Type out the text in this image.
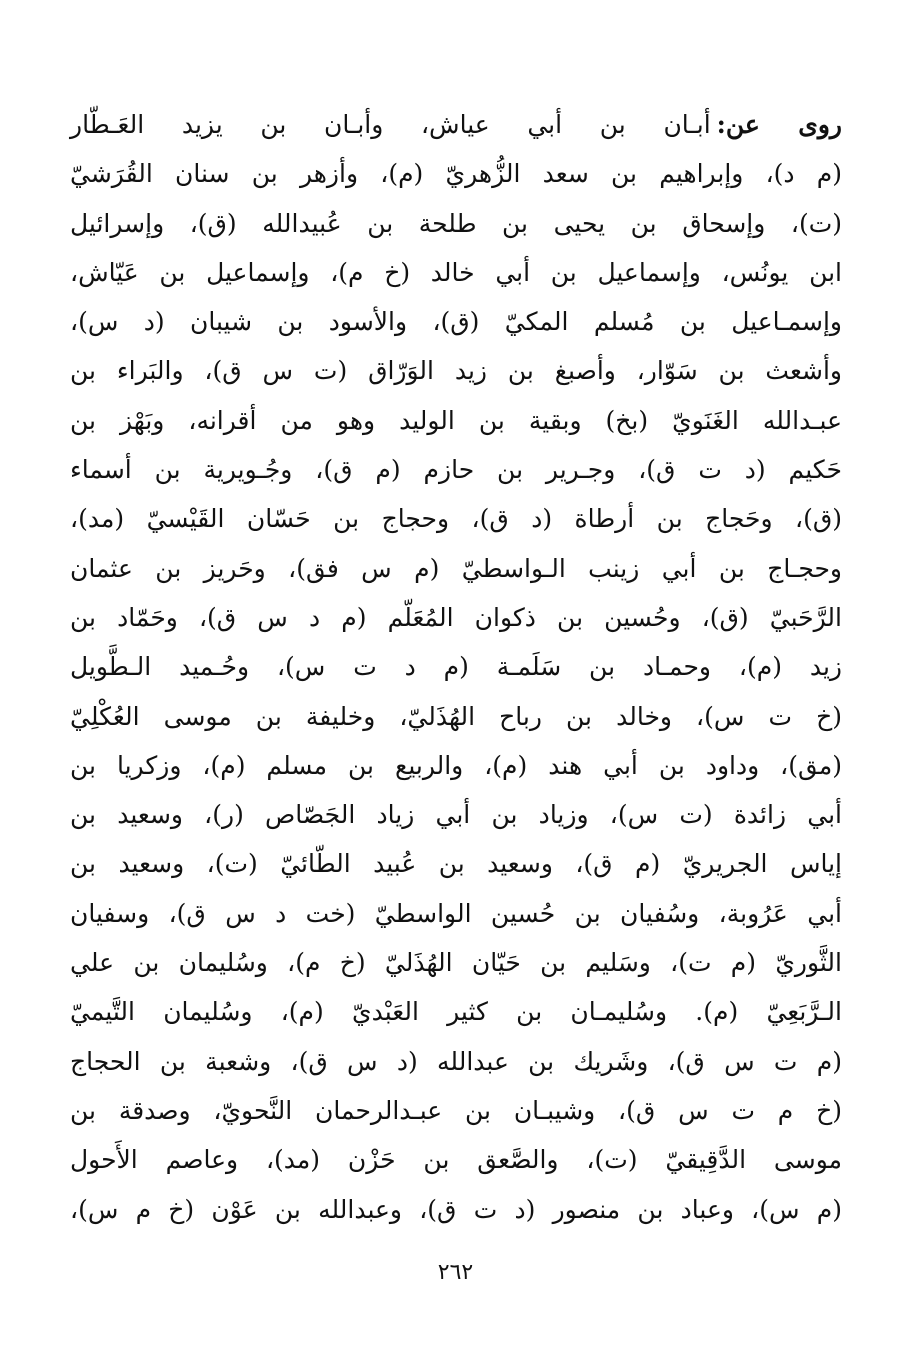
روى عن:أبـان بن أبي عياش، وأبـان بن يزيد العَـطّار
(م د)، وإبراهيم بن سعد الزُّهريّ (م)، وأزهر بن سنان القُرَشيّ
(ت)، وإسحاق بن يحيى بن طلحة بن عُبيدالله (ق)، وإسرائيل
ابن يونُس، وإسماعيل بن أبي خالد (خ م)، وإسماعيل بن عَيّاش،
وإسمـاعيل بن مُسلم المكيّ (ق)، والأسود بن شيبان (د س)،
وأشعث بن سَوّار، وأصبغ بن زيد الوَرّاق (ت س ق)، والبَراء بن
عبـدالله الغَنَويّ (بخ) وبقية بن الوليد وهو من أقرانه، وبَهْز بن
حَكيم (د ت ق)، وجـرير بن حازم (م ق)، وجُـويرية بن أسماء
(ق)، وحَجاج بن أرطاة (د ق)، وحجاج بن حَسّان القَيْسيّ (مد)،
وحجـاج بن أبي زينب الـواسطيّ (م س فق)، وحَريز بن عثمان
الرَّحَبيّ (ق)، وحُسين بن ذكوان المُعَلّم (م د س ق)، وحَمّاد بن
زيد (م)، وحمـاد بن سَلَمـة (م د ت س)، وحُـميد الـطَّويل
(خ ت س)، وخالد بن رباح الهُذَليّ، وخليفة بن موسى العُكْلِيّ
(مق)، وداود بن أبي هند (م)، والربيع بن مسلم (م)، وزكريا بن
أبي زائدة (ت س)، وزياد بن أبي زياد الجَصّاص (ر)، وسعيد بن
إياس الجريريّ (م ق)، وسعيد بن عُبيد الطّائيّ (ت)، وسعيد بن
أبي عَرُوبة، وسُفيان بن حُسين الواسطيّ (خت د س ق)، وسفيان
الثَّوريّ (م ت)، وسَليم بن حَيّان الهُذَليّ (خ م)، وسُليمان بن علي
الـرَّبَعِيّ (م). وسُليمـان بن كثير العَبْديّ (م)، وسُليمان التَّيميّ
(م ت س ق)، وشَريك بن عبدالله (د س ق)، وشعبة بن الحجاج
(خ م ت س ق)، وشيبـان بن عبـدالرحمان النَّحويّ، وصدقة بن
موسى الدَّقِيقيّ (ت)، والصَّعق بن حَزْن (مد)، وعاصم الأَحول
(م س)، وعباد بن منصور (د ت ق)، وعبدالله بن عَوْن (خ م س)،
٢٦٢
